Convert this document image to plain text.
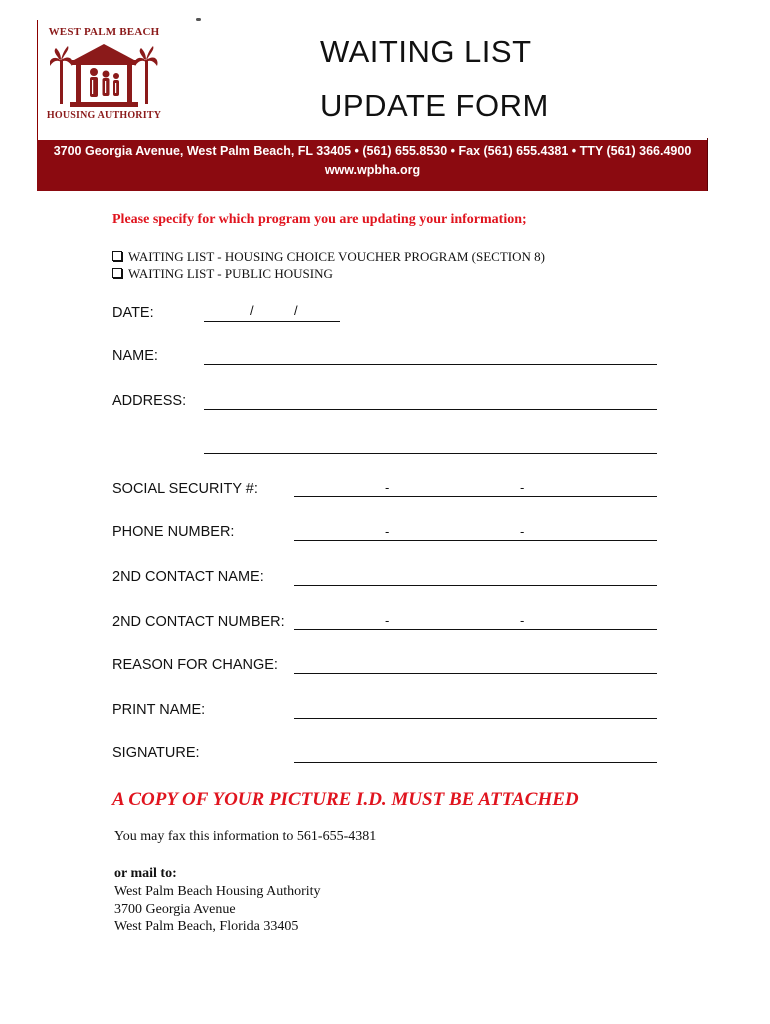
WEST PALM BEACH
HOUSING AUTHORITY
WAITING LIST
UPDATE FORM
3700 Georgia Avenue, West Palm Beach, FL 33405 • (561) 655.8530 • Fax (561) 655.4381 • TTY (561) 366.4900
www.wpbha.org
Please specify for which program you are updating your information;
WAITING LIST - HOUSING CHOICE VOUCHER PROGRAM (SECTION 8)
WAITING LIST - PUBLIC HOUSING
DATE:	/	/
NAME:
ADDRESS:
SOCIAL SECURITY #:	-	-
PHONE NUMBER:	-	-
2ND CONTACT NAME:
2ND CONTACT NUMBER:	-	-
REASON FOR CHANGE:
PRINT NAME:
SIGNATURE:
A COPY OF YOUR PICTURE I.D. MUST BE ATTACHED
You may fax this information to 561-655-4381
or mail to:
West Palm Beach Housing Authority
3700 Georgia Avenue
West Palm Beach, Florida 33405
